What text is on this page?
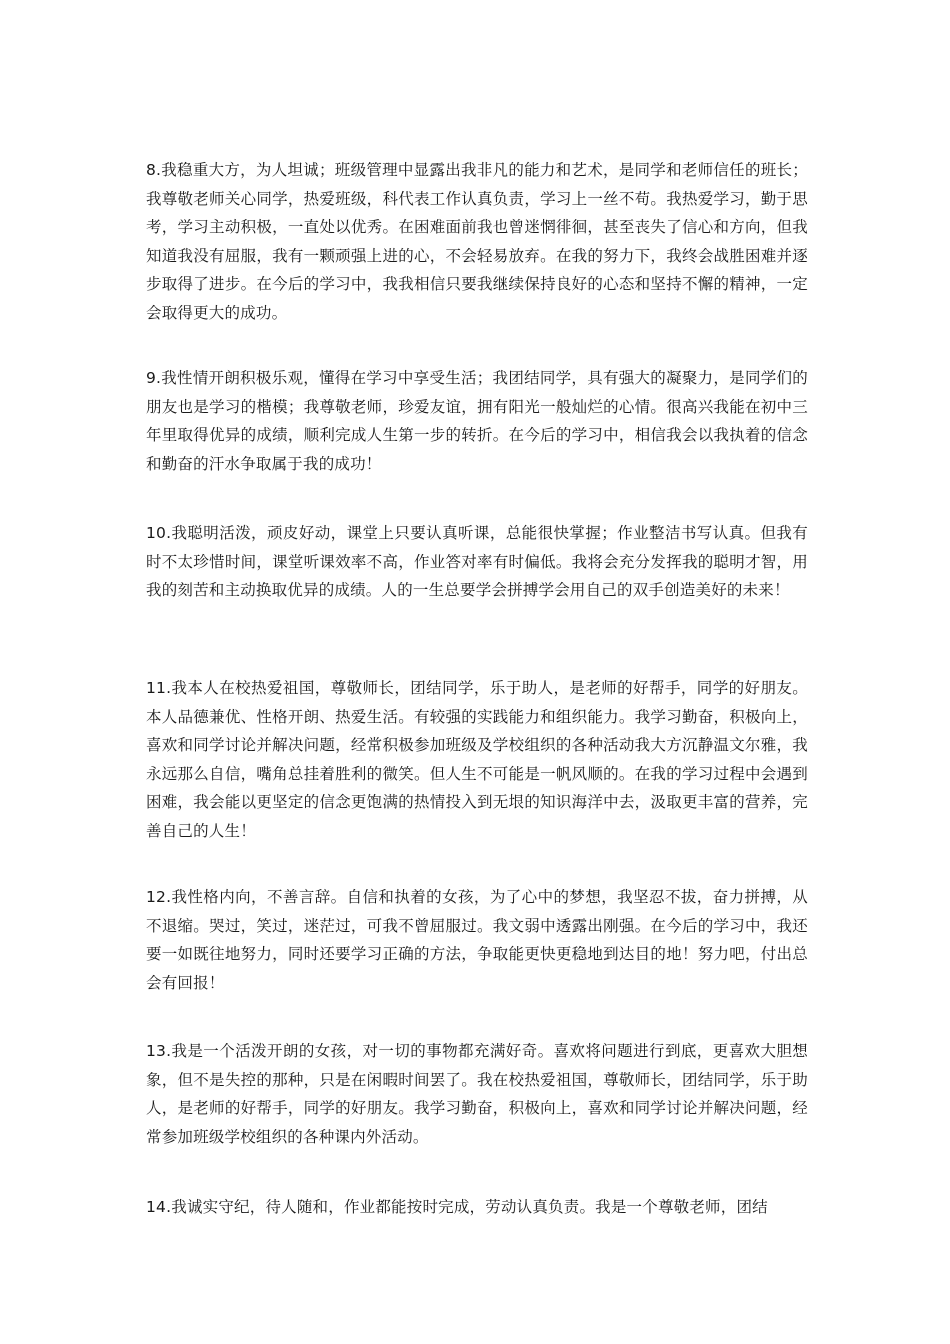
8.我稳重大方，为人坦诚；班级管理中显露出我非凡的能力和艺术，是同学和老师信任的班长；我尊敬老师关心同学，热爱班级，科代表工作认真负责，学习上一丝不苟。我热爱学习，勤于思考，学习主动积极，一直处以优秀。在困难面前我也曾迷惘徘徊，甚至丧失了信心和方向，但我知道我没有屈服，我有一颗顽强上进的心，不会轻易放弃。在我的努力下，我终会战胜困难并逐步取得了进步。在今后的学习中，我我相信只要我继续保持良好的心态和坚持不懈的精神，一定会取得更大的成功。

9.我性情开朗积极乐观，懂得在学习中享受生活；我团结同学，具有强大的凝聚力，是同学们的朋友也是学习的楷模；我尊敬老师，珍爱友谊，拥有阳光一般灿烂的心情。很高兴我能在初中三年里取得优异的成绩，顺利完成人生第一步的转折。在今后的学习中，相信我会以我执着的信念和勤奋的汗水争取属于我的成功！

10.我聪明活泼，顽皮好动，课堂上只要认真听课，总能很快掌握；作业整洁书写认真。但我有时不太珍惜时间，课堂听课效率不高，作业答对率有时偏低。我将会充分发挥我的聪明才智，用我的刻苦和主动换取优异的成绩。人的一生总要学会拼搏学会用自己的双手创造美好的未来！

11.我本人在校热爱祖国，尊敬师长，团结同学，乐于助人，是老师的好帮手，同学的好朋友。本人品德兼优、性格开朗、热爱生活。有较强的实践能力和组织能力。我学习勤奋，积极向上，喜欢和同学讨论并解决问题，经常积极参加班级及学校组织的各种活动我大方沉静温文尔雅，我永远那么自信，嘴角总挂着胜利的微笑。但人生不可能是一帆风顺的。在我的学习过程中会遇到困难，我会能以更坚定的信念更饱满的热情投入到无垠的知识海洋中去，汲取更丰富的营养，完善自己的人生！

12.我性格内向，不善言辞。自信和执着的女孩，为了心中的梦想，我坚忍不拔，奋力拼搏，从不退缩。哭过，笑过，迷茫过，可我不曾屈服过。我文弱中透露出刚强。在今后的学习中，我还要一如既往地努力，同时还要学习正确的方法，争取能更快更稳地到达目的地！努力吧，付出总会有回报！

13.我是一个活泼开朗的女孩，对一切的事物都充满好奇。喜欢将问题进行到底，更喜欢大胆想象，但不是失控的那种，只是在闲暇时间罢了。我在校热爱祖国，尊敬师长，团结同学，乐于助人，是老师的好帮手，同学的好朋友。我学习勤奋，积极向上，喜欢和同学讨论并解决问题，经常参加班级学校组织的各种课内外活动。

14.我诚实守纪，待人随和，作业都能按时完成，劳动认真负责。我是一个尊敬老师，团结
